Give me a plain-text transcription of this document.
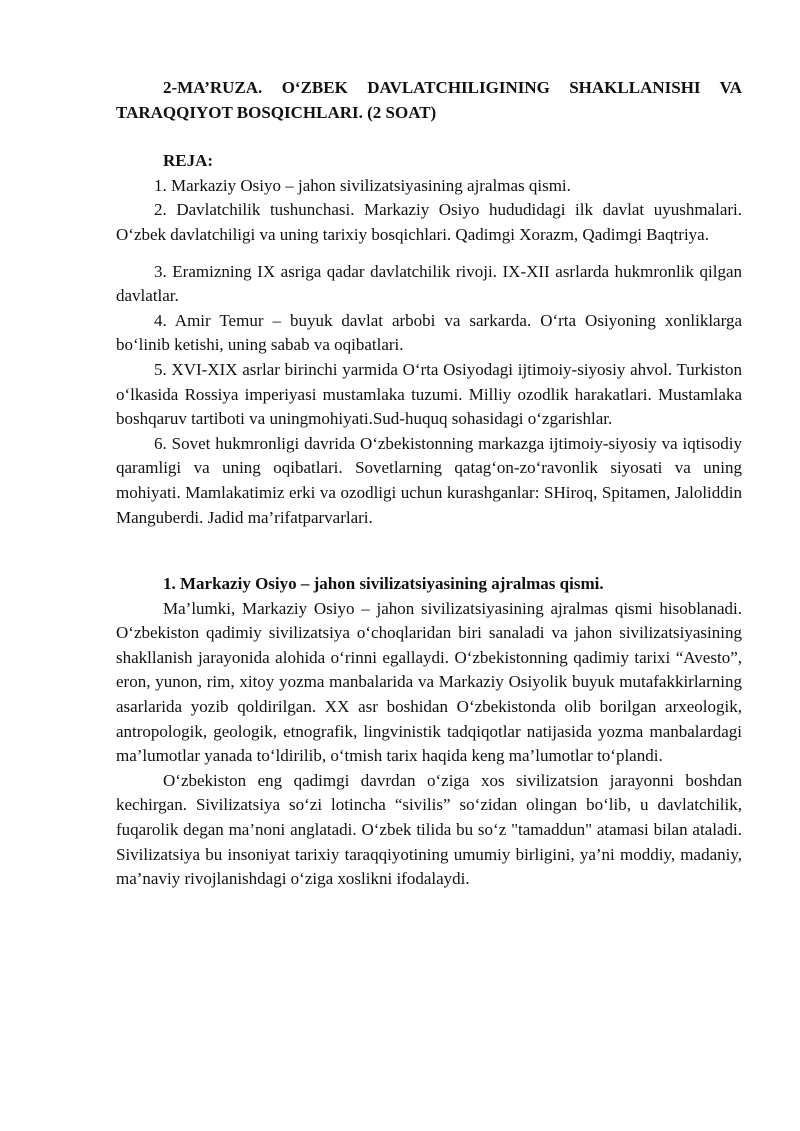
2-MA’RUZA. O‘ZBEK DAVLATCHILIGINING SHAKLLANISHI VA TARAQQIYOT BOSQICHLARI. (2 SOAT)

REJA:

1. Markaziy Osiyo – jahon sivilizatsiyasining ajralmas qismi.

2. Davlatchilik tushunchasi. Markaziy Osiyo hududidagi ilk davlat uyushmalari. O‘zbek davlatchiligi va uning tarixiy bosqichlari. Qadimgi Xorazm, Qadimgi Baqtriya.

3. Eramizning IX asriga qadar davlatchilik rivoji. IX-XII asrlarda hukmronlik qilgan davlatlar.

4. Amir Temur – buyuk davlat arbobi va sarkarda. O‘rta Osiyoning xonliklarga bo‘linib ketishi, uning sabab va oqibatlari.

5. XVI-XIX asrlar birinchi yarmida O‘rta Osiyodagi ijtimoiy-siyosiy ahvol. Turkiston o‘lkasida Rossiya imperiyasi mustamlaka tuzumi. Milliy ozodlik harakatlari. Mustamlaka boshqaruv tartiboti va uningmohiyati.Sud-huquq sohasidagi o‘zgarishlar.

6. Sovet hukmronligi davrida O‘zbekistonning markazga ijtimoiy-siyosiy va iqtisodiy qaramligi va uning oqibatlari. Sovetlarning qatag‘on-zo‘ravonlik siyosati va uning mohiyati. Mamlakatimiz erki va ozodligi uchun kurashganlar: SHiroq, Spitamen, Jaloliddin Manguberdi. Jadid ma’rifatparvarlari.

1. Markaziy Osiyo – jahon sivilizatsiyasining ajralmas qismi.

Ma’lumki, Markaziy Osiyo – jahon sivilizatsiyasining ajralmas qismi hisoblanadi. O‘zbekiston qadimiy sivilizatsiya o‘choqlaridan biri sanaladi va jahon sivilizatsiyasining shakllanish jarayonida alohida o‘rinni egallaydi. O‘zbekistonning qadimiy tarixi “Avesto”, eron, yunon, rim, xitoy yozma manbalarida va Markaziy Osiyolik buyuk mutafakkirlarning asarlarida yozib qoldirilgan. XX asr boshidan O‘zbekistonda olib borilgan arxeologik, antropologik, geologik, etnografik, lingvinistik tadqiqotlar natijasida yozma manbalardagi ma’lumotlar yanada to‘ldirilib, o‘tmish tarix haqida keng ma’lumotlar to‘plandi.

O‘zbekiston eng qadimgi davrdan o‘ziga xos sivilizatsion jarayonni boshdan kechirgan. Sivilizatsiya so‘zi lotincha “sivilis” so‘zidan olingan bo‘lib, u davlatchilik, fuqarolik degan ma’noni anglatadi. O‘zbek tilida bu so‘z "tamaddun" atamasi bilan ataladi. Sivilizatsiya bu insoniyat tarixiy taraqqiyotining umumiy birligini, ya’ni moddiy, madaniy, ma’naviy rivojlanishdagi o‘ziga xoslikni ifodalaydi.
